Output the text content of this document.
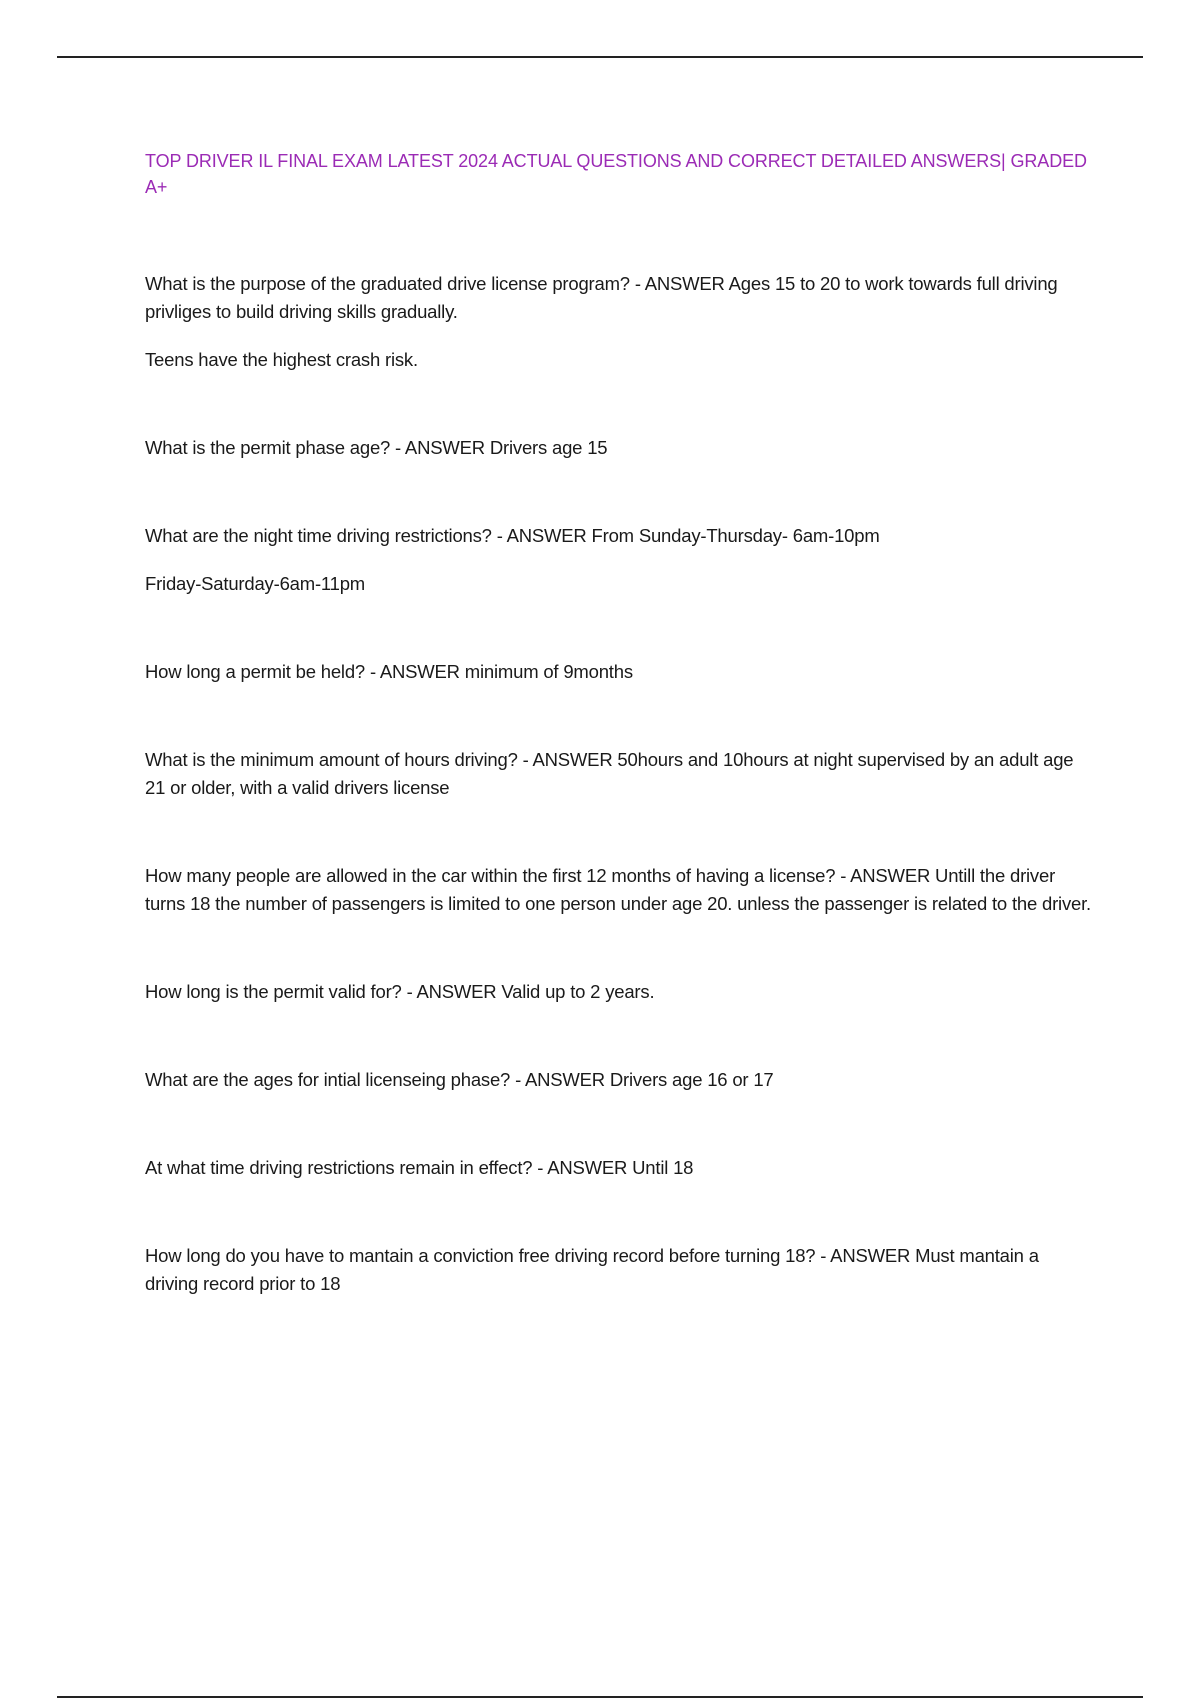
TOP DRIVER IL FINAL EXAM LATEST 2024 ACTUAL QUESTIONS AND CORRECT DETAILED ANSWERS| GRADED A+

What is the purpose of the graduated drive license program? - ANSWER Ages 15 to 20 to work towards full driving privliges to build driving skills gradually.

Teens have the highest crash risk.

What is the permit phase age? - ANSWER Drivers age 15

What are the night time driving restrictions? - ANSWER From Sunday-Thursday- 6am-10pm

Friday-Saturday-6am-11pm

How long a permit be held? - ANSWER minimum of 9months

What is the minimum amount of hours driving? - ANSWER 50hours and 10hours at night supervised by an adult age 21 or older, with a valid drivers license

How many people are allowed in the car within the first 12 months of having a license? - ANSWER Untill the driver turns 18 the number of passengers is limited to one person under age 20. unless the passenger is related to the driver.

How long is the permit valid for? - ANSWER Valid up to 2 years.

What are the ages for intial licenseing phase? - ANSWER Drivers age 16 or 17

At what time driving restrictions remain in effect? - ANSWER Until 18

How long do you have to mantain a conviction free driving record before turning 18? - ANSWER Must mantain a driving record prior to 18
